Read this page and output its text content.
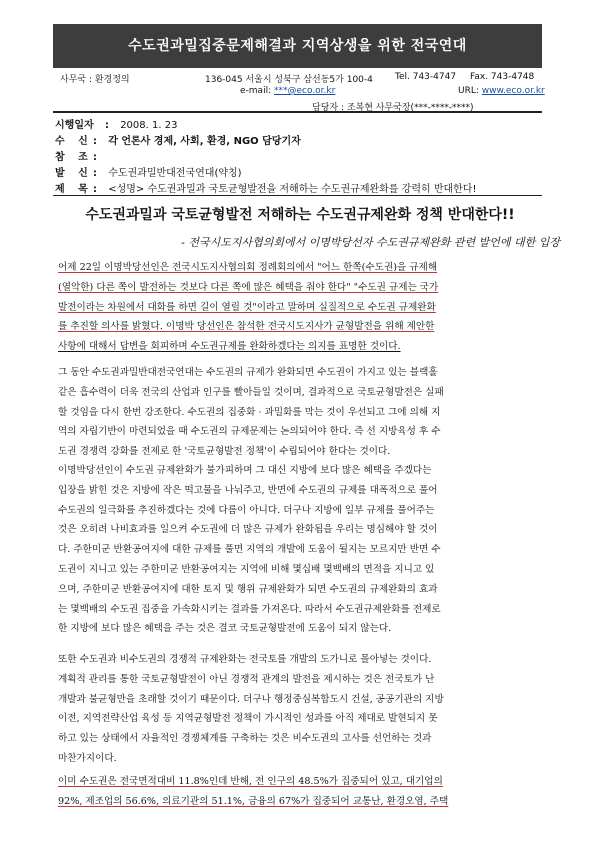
수도권과밀집중문제해결과 지역상생을 위한 전국연대
사무국 : 환경정의	136-045 서울시 성북구 삼선동5가 100-4 Tel. 743-4747 Fax. 743-4748
e-mail: ***@eco.or.kr	URL: www.eco.or.kr
담당자 : 조복현 사무국장(***-****-****)
시행일자 : 2008. 1. 23
수 신: 각 언론사 경제, 사회, 환경, NGO 담당기자
참 조:
발 신: 수도권과밀반대전국연대(약칭)
제 목: <성명> 수도권과밀과 국토균형발전을 저해하는 수도권규제완화를 강력히 반대한다!
수도권과밀과 국토균형발전 저해하는 수도권규제완화 정책 반대한다!!
- 전국시도지사협의회에서 이명박당선자 수도권규제완화 관련 발언에 대한 입장
어제 22일 이명박당선인은 전국시도지사협의회 정례회의에서 "어느 한쪽(수도권)을 규제해
(열악한) 다른 쪽이 발전하는 것보다 다른 쪽에 많은 혜택을 줘야 한다" "수도권 규제는 국가
발전이라는 차원에서 대화를 하면 길이 열릴 것"이라고 말하며 실질적으로 수도권 규제완화
를 추진할 의사를 밝혔다. 이명박 당선인은 참석한 전국시도지사가 균형발전을 위해 제안한
사항에 대해서 답변을 회피하며 수도권규제를 완화하겠다는 의지를 표명한 것이다.
그 동안 수도권과밀반대전국연대는 수도권의 규제가 완화되면 수도권이 가지고 있는 블랙홀
같은 흡수력이 더욱 전국의 산업과 인구를 빨아들일 것이며, 결과적으로 국토균형발전은 실패
할 것임을 다시 한번 강조한다. 수도권의 집중화 · 과밀화를 막는 것이 우선되고 그에 의해 지
역의 자립기반이 마련되었을 때 수도권의 규제문제는 논의되어야 한다. 즉 선 지방육성 후 수
도권 경쟁력 강화를 전제로 한 '국토균형발전 정책'이 수립되어야 한다는 것이다.
이명박당선인이 수도권 규제완화가 불가피하며 그 대신 지방에 보다 많은 혜택을 주겠다는
입장을 밝힌 것은 지방에 작은 떡고물을 나눠주고, 반면에 수도권의 규제를 대폭적으로 풀어
수도권의 일극화를 추진하겠다는 것에 다름이 아니다. 더구나 지방에 일부 규제를 풀어주는
것은 오히려 나비효과를 일으켜 수도권에 더 많은 규제가 완화됨을 우리는 명심해야 할 것이
다. 주한미군 반환공여지에 대한 규제를 풀면 지역의 개발에 도움이 될지는 모르지만 반면 수
도권이 지니고 있는 주한미군 반환공여지는 지역에 비해 몇십배 몇백배의 면적을 지니고 있
으며, 주한미군 반환공여지에 대한 토지 및 행위 규제완화가 되면 수도권의 규제완화의 효과
는 몇백배의 수도권 집중을 가속화시키는 결과를 가져온다. 따라서 수도권규제완화를 전제로
한 지방에 보다 많은 혜택을 주는 것은 결코 국토균형발전에 도움이 되지 않는다.
또한 수도권과 비수도권의 경쟁적 규제완화는 전국토를 개발의 도가니로 몰아넣는 것이다.
계획적 관리를 통한 국토균형발전이 아닌 경쟁적 관계의 발전을 제시하는 것은 전국토가 난
개발과 불균형만을 초래할 것이기 때문이다. 더구나 행정중심복합도시 건설, 공공기관의 지방
이전, 지역전략산업 육성 등 지역균형발전 정책이 가시적인 성과를 아직 제대로 발현되지 못
하고 있는 상태에서 자율적인 경쟁체계를 구축하는 것은 비수도권의 고사를 선언하는 것과
마찬가지이다.
이미 수도권은 전국면적대비 11.8%인데 반해, 전 인구의 48.5%가 집중되어 있고, 대기업의
92%, 제조업의 56.6%, 의료기관의 51.1%, 금융의 67%가 집중되어 교통난, 환경오염, 주택
